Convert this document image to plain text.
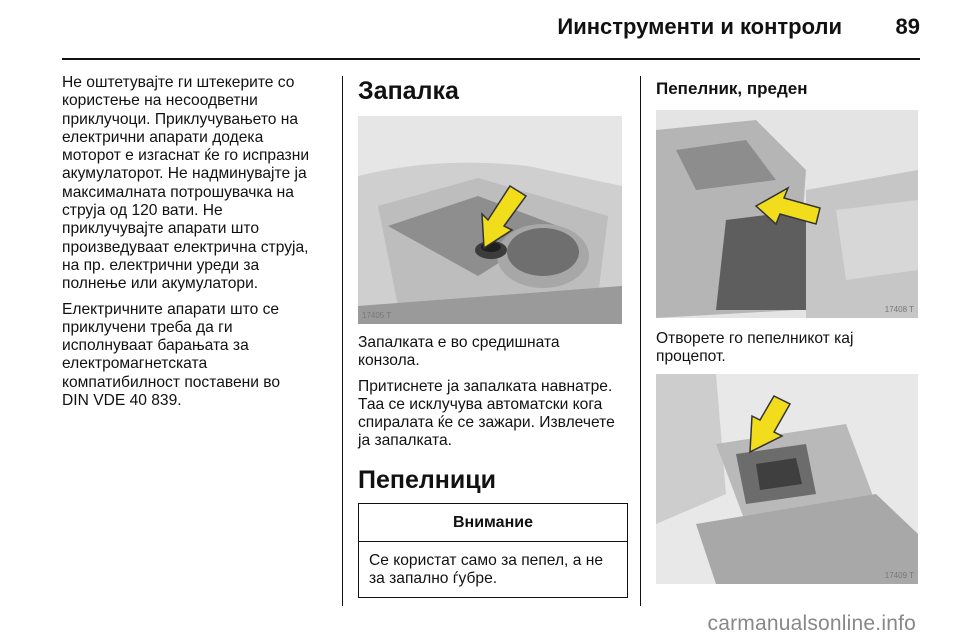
Иинструменти и контроли 89

Не оштетувајте ги штекерите со
користење на несоодветни
приклучоци. Приклучувањето на
електрични апарати додека
моторот е изгаснат ќе го испразни
акумулаторот. Не надминувајте ја
максималната потрошувачка на
струја од 120 вати. Не
приклучувајте апарати што
произведуваат електрична струја,
на пр. електрични уреди за
полнење или акумулатори.

Електричните апарати што се
приклучени треба да ги
исполнуваат барањата за
електромагнетската
компатибилност поставени во
DIN VDE 40 839.

Запалка
17405 T

Запалката е во средишната
конзола.

Притиснете ја запалката навнатре.
Таа се исклучува автоматски кога
спиралата ќе се зажари. Извлечете
ја запалката.

Пепелници
Внимание
Се користат само за пепел, а не
за запално ѓубре.
Пепелник, преден
17408 T

Отворете го пепелникот кај
процепот.

17409 T
carmanualsonline.info
